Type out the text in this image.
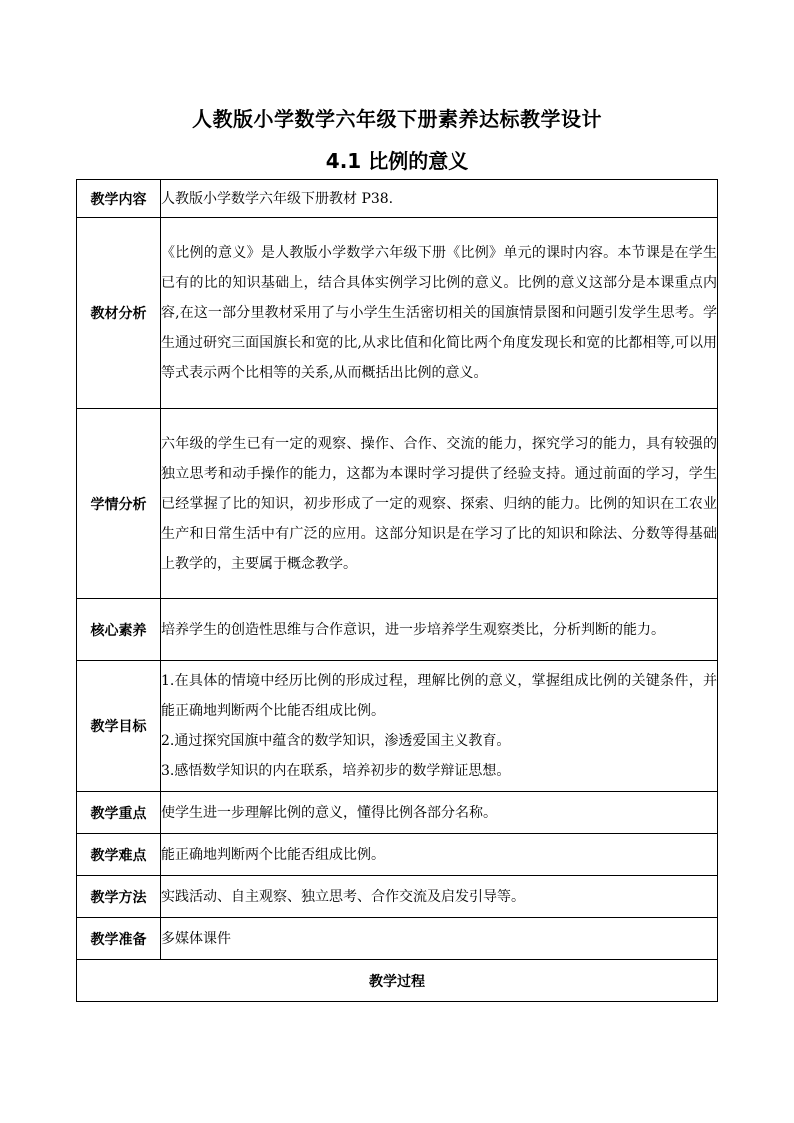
人教版小学数学六年级下册素养达标教学设计
4.1 比例的意义
教学内容	人教版小学数学六年级下册教材 P38.
教材分析	《比例的意义》是人教版小学数学六年级下册《比例》单元的课时内容。本节课是在学生已有的比的知识基础上，结合具体实例学习比例的意义。比例的意义这部分是本课重点内容,在这一部分里教材采用了与小学生生活密切相关的国旗情景图和问题引发学生思考。学生通过研究三面国旗长和宽的比,从求比值和化简比两个角度发现长和宽的比都相等,可以用等式表示两个比相等的关系,从而概括出比例的意义。
学情分析	六年级的学生已有一定的观察、操作、合作、交流的能力，探究学习的能力，具有较强的独立思考和动手操作的能力，这都为本课时学习提供了经验支持。通过前面的学习，学生已经掌握了比的知识，初步形成了一定的观察、探索、归纳的能力。比例的知识在工农业生产和日常生活中有广泛的应用。这部分知识是在学习了比的知识和除法、分数等得基础上教学的，主要属于概念教学。
核心素养	培养学生的创造性思维与合作意识，进一步培养学生观察类比，分析判断的能力。
教学目标	1.在具体的情境中经历比例的形成过程，理解比例的意义，掌握组成比例的关键条件，并能正确地判断两个比能否组成比例。

2.通过探究国旗中蕴含的数学知识，渗透爱国主义教育。

3.感悟数学知识的内在联系，培养初步的数学辩证思想。

教学重点	使学生进一步理解比例的意义，懂得比例各部分名称。
教学难点	能正确地判断两个比能否组成比例。
教学方法	实践活动、自主观察、独立思考、合作交流及启发引导等。
教学准备	多媒体课件
教学过程	
